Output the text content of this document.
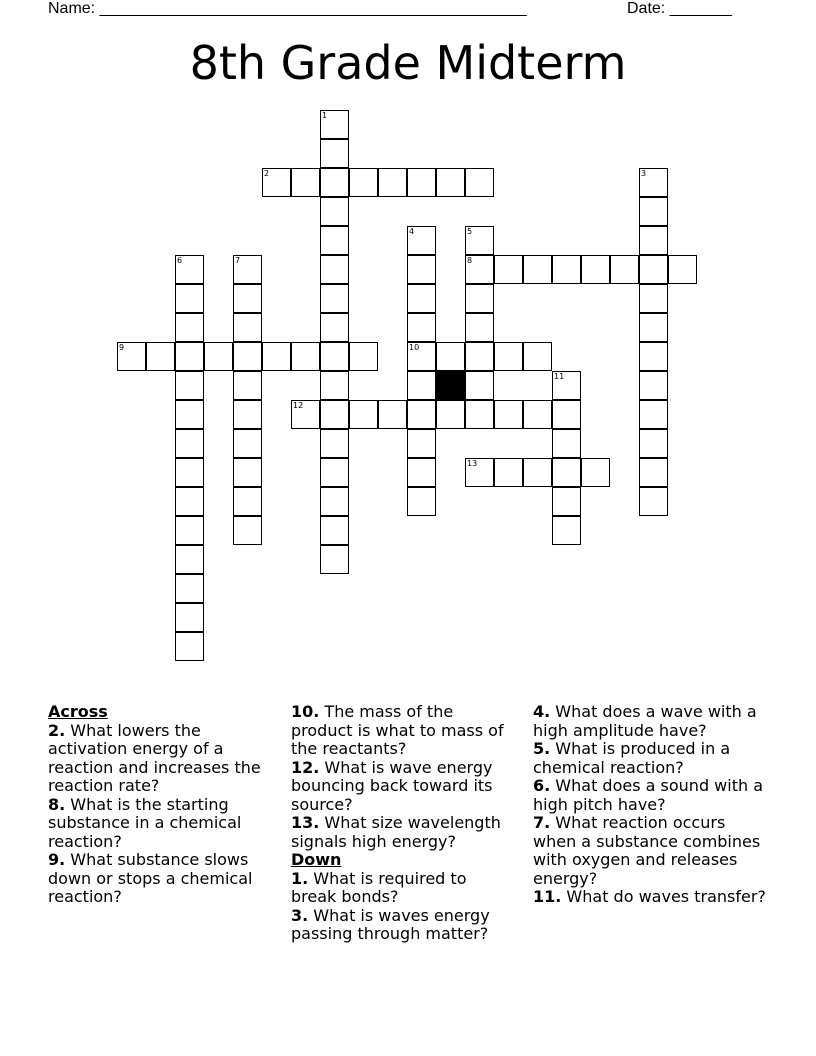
Name: ________________________________________________	Date: _______
8th Grade Midterm
1
2	3
4
10
5
8
6	7
9
11
12
13
Across
2. What lowers the activation energy of a reaction and increases the reaction rate?
8. What is the starting substance in a chemical reaction?
9. What substance slows down or stops a chemical reaction?
10. The mass of the product is what to mass of the reactants?
12. What is wave energy bouncing back toward its source?
13. What size wavelength signals high energy?
Down
1. What is required to break bonds?
3. What is waves energy passing through matter?
4. What does a wave with a high amplitude have?
5. What is produced in a chemical reaction?
6. What does a sound with a high pitch have?
7. What reaction occurs when a substance combines with oxygen and releases energy?
11. What do waves transfer?
